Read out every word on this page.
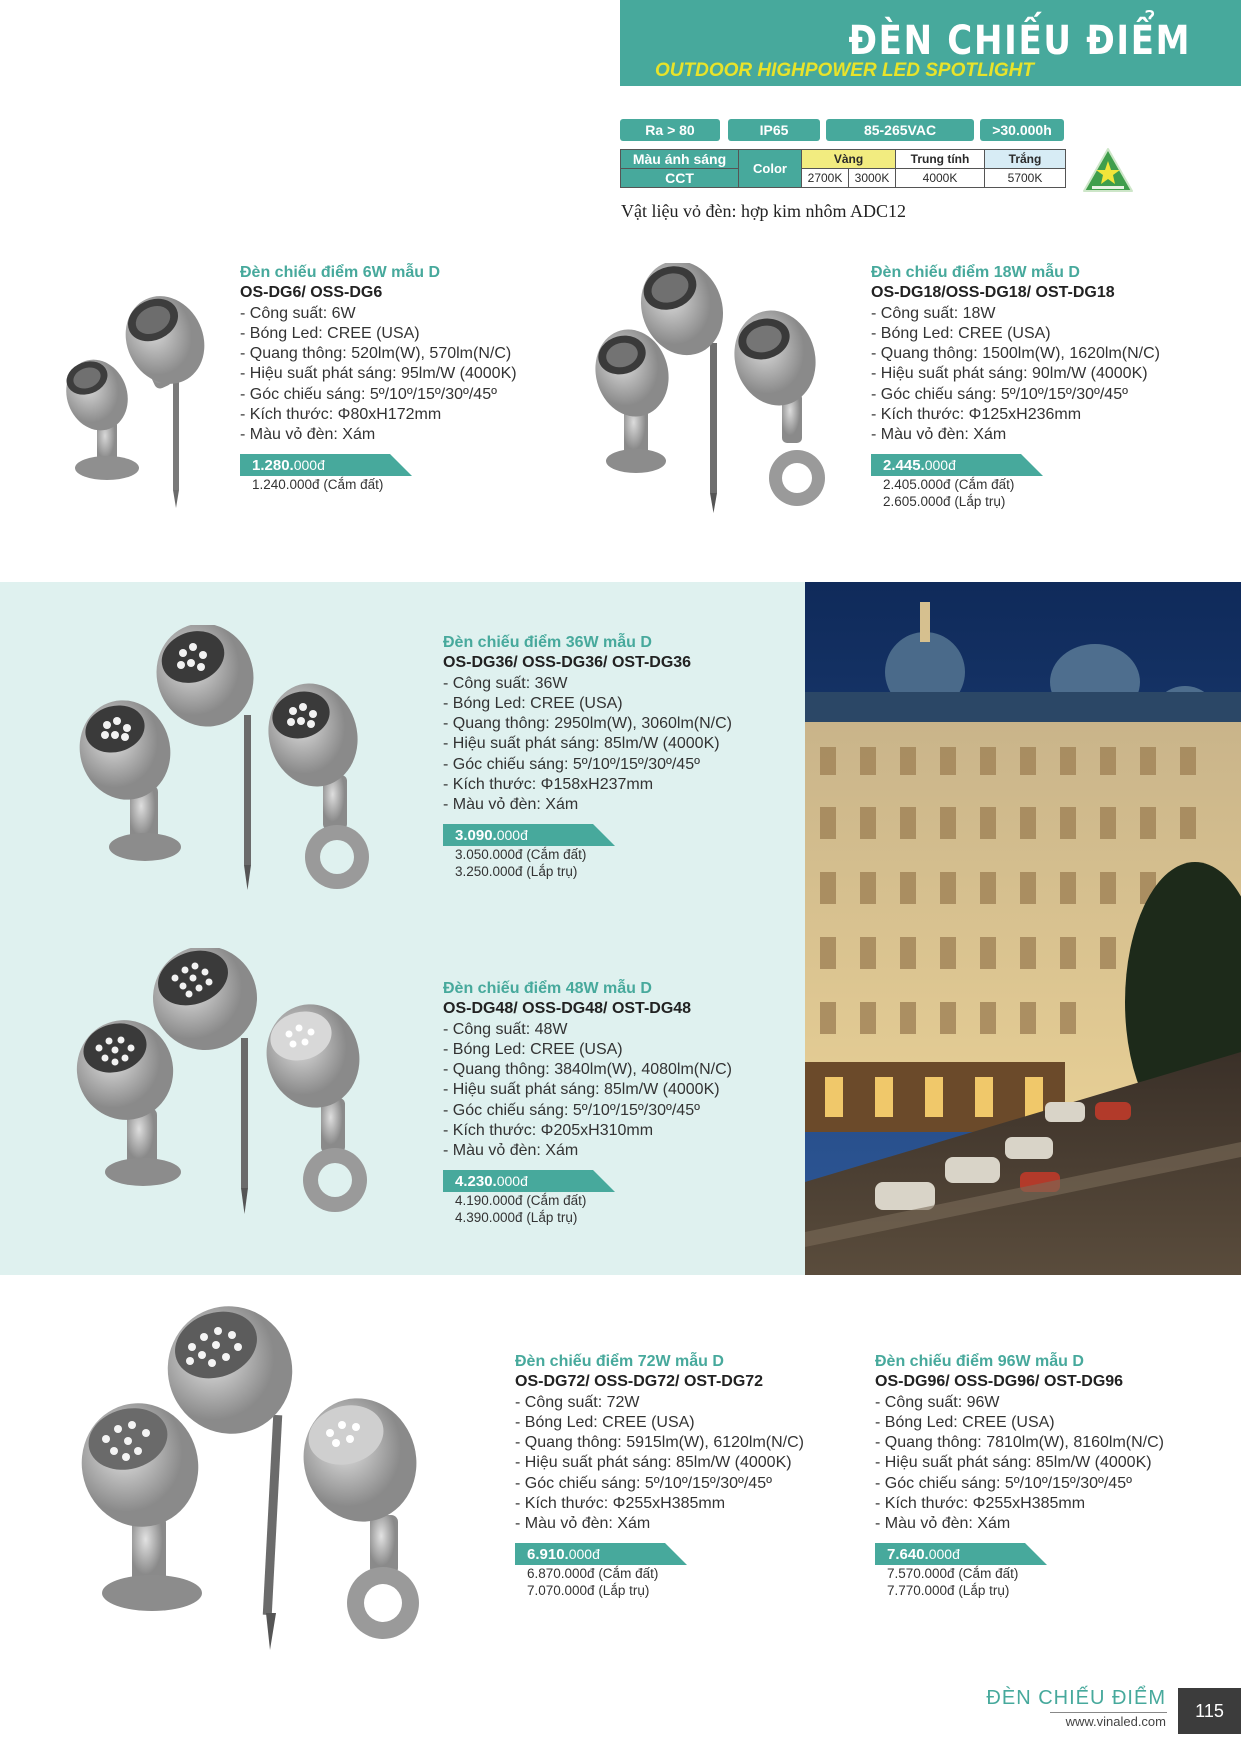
ĐÈN CHIẾU ĐIỂM
OUTDOOR HIGHPOWER LED SPOTLIGHT
Ra > 80	IP65	85-265VAC	>30.000h
Màu ánh sáng	Color	Vàng		Trung tính	Trắng
CCT		2700K	3000K	4000K	5700K
Vật liệu vỏ đèn: hợp kim nhôm ADC12
Đèn chiếu điểm 6W mẫu D
OS-DG6/ OSS-DG6
- Công suất: 6W
- Bóng Led: CREE (USA)
- Quang thông: 520lm(W), 570lm(N/C)
- Hiệu suất phát sáng: 95lm/W (4000K)
- Góc chiếu sáng: 5º/10º/15º/30º/45º
- Kích thước: Φ80xH172mm
- Màu vỏ đèn: Xám
1.280.000đ
1.240.000đ (Cắm đất)
Đèn chiếu điểm 18W mẫu D
OS-DG18/OSS-DG18/ OST-DG18
- Công suất: 18W
- Bóng Led: CREE (USA)
- Quang thông: 1500lm(W), 1620lm(N/C)
- Hiệu suất phát sáng: 90lm/W (4000K)
- Góc chiếu sáng: 5º/10º/15º/30º/45º
- Kích thước: Φ125xH236mm
- Màu vỏ đèn: Xám
2.445.000đ
2.405.000đ (Cắm đất)
2.605.000đ (Lắp trụ)
Đèn chiếu điểm 36W mẫu D
OS-DG36/ OSS-DG36/ OST-DG36
- Công suất: 36W
- Bóng Led: CREE (USA)
- Quang thông: 2950lm(W), 3060lm(N/C)
- Hiệu suất phát sáng: 85lm/W (4000K)
- Góc chiếu sáng: 5º/10º/15º/30º/45º
- Kích thước: Φ158xH237mm
- Màu vỏ đèn: Xám
3.090.000đ
3.050.000đ (Cắm đất)
3.250.000đ (Lắp trụ)
Đèn chiếu điểm 48W mẫu D
OS-DG48/ OSS-DG48/ OST-DG48
- Công suất: 48W
- Bóng Led: CREE (USA)
- Quang thông: 3840lm(W), 4080lm(N/C)
- Hiệu suất phát sáng: 85lm/W (4000K)
- Góc chiếu sáng: 5º/10º/15º/30º/45º
- Kích thước: Φ205xH310mm
- Màu vỏ đèn: Xám
4.230.000đ
4.190.000đ (Cắm đất)
4.390.000đ (Lắp trụ)
Đèn chiếu điểm 72W mẫu D
OS-DG72/ OSS-DG72/ OST-DG72
- Công suất: 72W
- Bóng Led: CREE (USA)
- Quang thông: 5915lm(W), 6120lm(N/C)
- Hiệu suất phát sáng: 85lm/W (4000K)
- Góc chiếu sáng: 5º/10º/15º/30º/45º
- Kích thước: Φ255xH385mm
- Màu vỏ đèn: Xám
6.910.000đ
6.870.000đ (Cắm đất)
7.070.000đ (Lắp trụ)
Đèn chiếu điểm 96W mẫu D
OS-DG96/ OSS-DG96/ OST-DG96
- Công suất: 96W
- Bóng Led: CREE (USA)
- Quang thông: 7810lm(W), 8160lm(N/C)
- Hiệu suất phát sáng: 85lm/W (4000K)
- Góc chiếu sáng: 5º/10º/15º/30º/45º
- Kích thước: Φ255xH385mm
- Màu vỏ đèn: Xám
7.640.000đ
7.570.000đ (Cắm đất)
7.770.000đ (Lắp trụ)
ĐÈN CHIẾU ĐIỂM
www.vinaled.com
115
